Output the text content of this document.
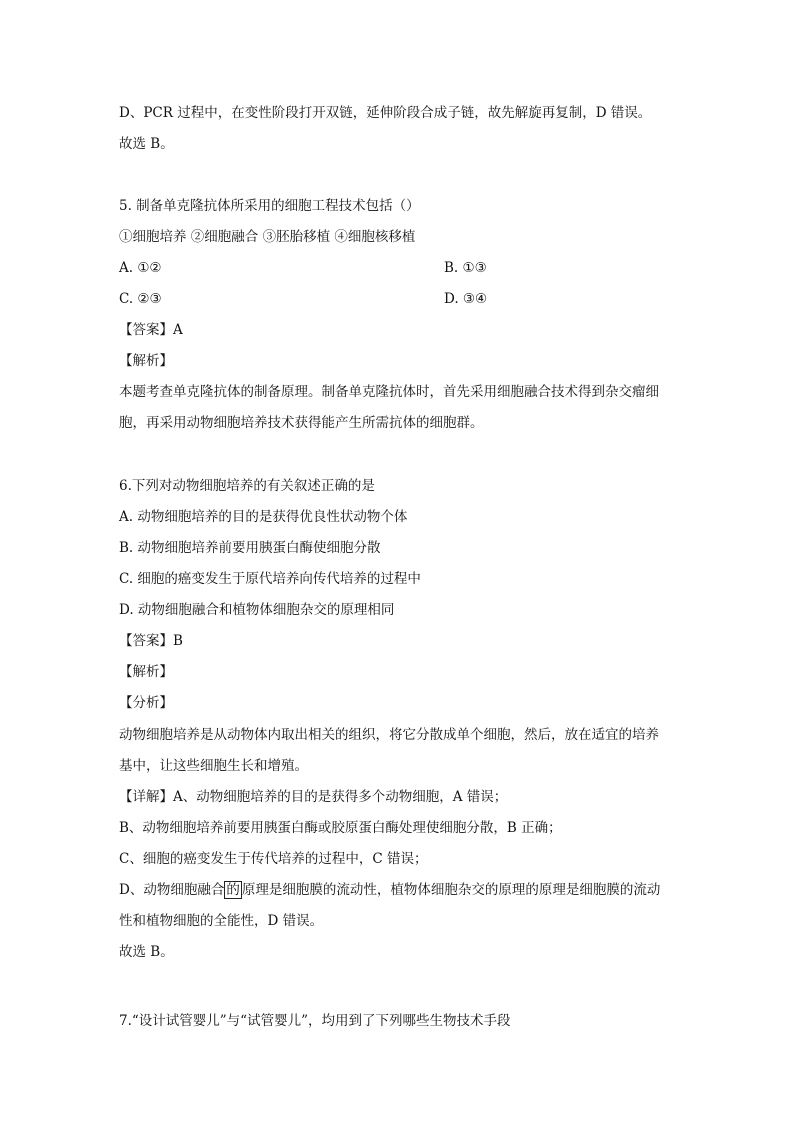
D、PCR 过程中，在变性阶段打开双链，延伸阶段合成子链，故先解旋再复制，D 错误。
故选 B。
5. 制备单克隆抗体所采用的细胞工程技术包括（）
①细胞培养 ②细胞融合 ③胚胎移植 ④细胞核移植
A. ①②	B. ①③
C. ②③	D. ③④
【答案】A
【解析】
本题考查单克隆抗体的制备原理。制备单克隆抗体时，首先采用细胞融合技术得到杂交瘤细
胞，再采用动物细胞培养技术获得能产生所需抗体的细胞群。
6.下列对动物细胞培养的有关叙述正确的是
A. 动物细胞培养的目的是获得优良性状动物个体
B. 动物细胞培养前要用胰蛋白酶使细胞分散
C. 细胞的癌变发生于原代培养向传代培养的过程中
D. 动物细胞融合和植物体细胞杂交的原理相同
【答案】B
【解析】
【分析】
动物细胞培养是从动物体内取出相关的组织，将它分散成单个细胞，然后，放在适宜的培养
基中，让这些细胞生长和增殖。
【详解】A、动物细胞培养的目的是获得多个动物细胞，A 错误；
B、动物细胞培养前要用胰蛋白酶或胶原蛋白酶处理使细胞分散，B 正确；
C、细胞的癌变发生于传代培养的过程中，C 错误；
D、动物细胞融合 的 原理是细胞膜的流动性，植物体细胞杂交的原理的原理是细胞膜的流动
性和植物细胞的全能性，D 错误。
故选 B。
7.“设计试管婴儿”与“试管婴儿”，均用到了下列哪些生物技术手段
